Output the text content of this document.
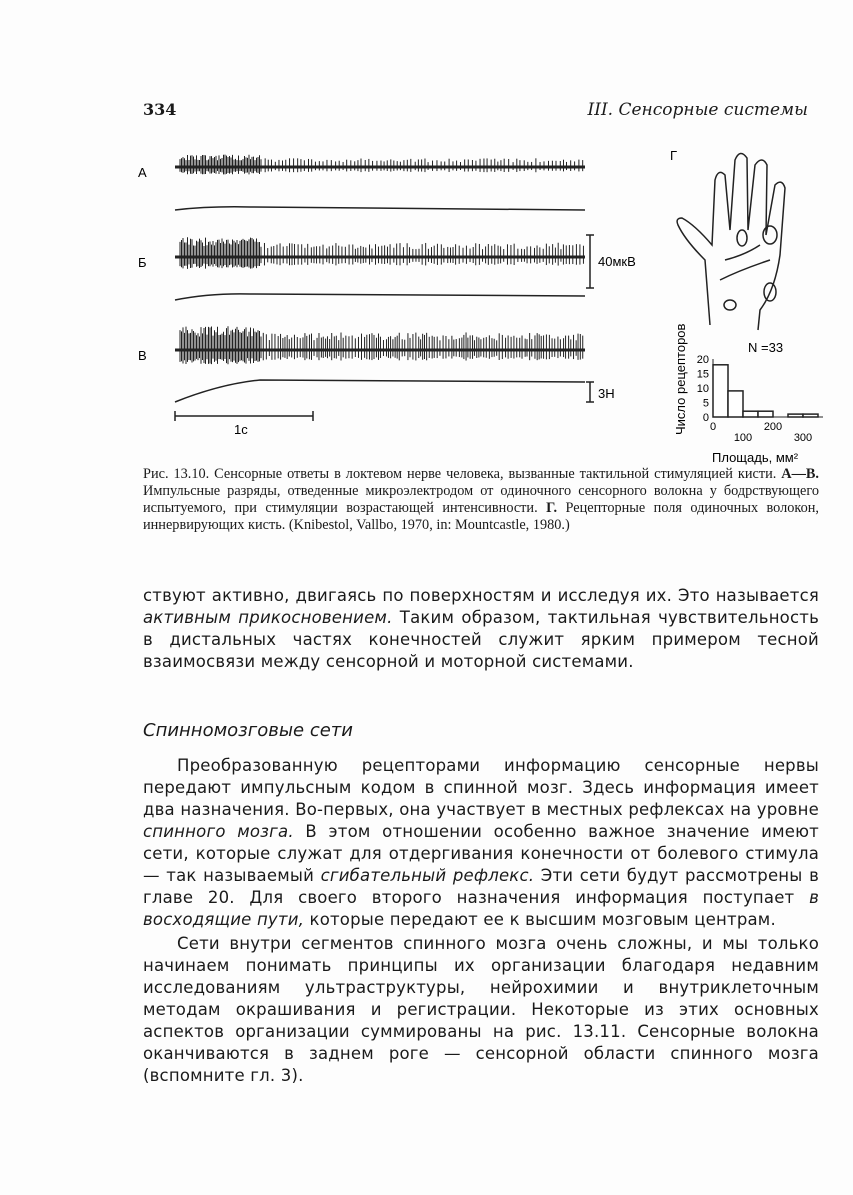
334	III. Сенсорные системы
А
Б
В
40мкВ
3Н
1с
Г
0
5
10
15
20
0	200
100	300
N =33
Площадь, мм²
Число рецепторов
Рис. 13.10. Сенсорные ответы в локтевом нерве человека, вызванные тактильной стимуляцией кисти. А—В. Импульсные разряды, отведенные микроэлектродом от одиночного сенсорного волокна у бодрствующего испытуемого, при стимуляции возрастающей интенсивности. Г. Рецепторные поля одиночных волокон, иннервирующих кисть. (Knibestol, Vallbo, 1970, in: Mountcastle, 1980.)

ствуют активно, двигаясь по поверхностям и исследуя их. Это называется активным прикосновением. Таким образом, тактильная чувствительность в дистальных частях конечностей служит ярким примером тесной взаимосвязи между сенсорной и моторной системами.

Спинномозговые сети

Преобразованную рецепторами информацию сенсорные нервы передают импульсным кодом в спинной мозг. Здесь информация имеет два назначения. Во-первых, она участвует в местных рефлексах на уровне спинного мозга. В этом отношении особенно важное значение имеют сети, которые служат для отдергивания конечности от болевого стимула — так называемый сгибательный рефлекс. Эти сети будут рассмотрены в главе 20. Для своего второго назначения информация поступает в восходящие пути, которые передают ее к высшим мозговым центрам.

Сети внутри сегментов спинного мозга очень сложны, и мы только начинаем понимать принципы их организации благодаря недавним исследованиям ультраструктуры, нейрохимии и внутриклеточным методам окрашивания и регистрации. Некоторые из этих основных аспектов организации суммированы на рис. 13.11. Сенсорные волокна оканчиваются в заднем роге — сенсорной области спинного мозга (вспомните гл. 3).
